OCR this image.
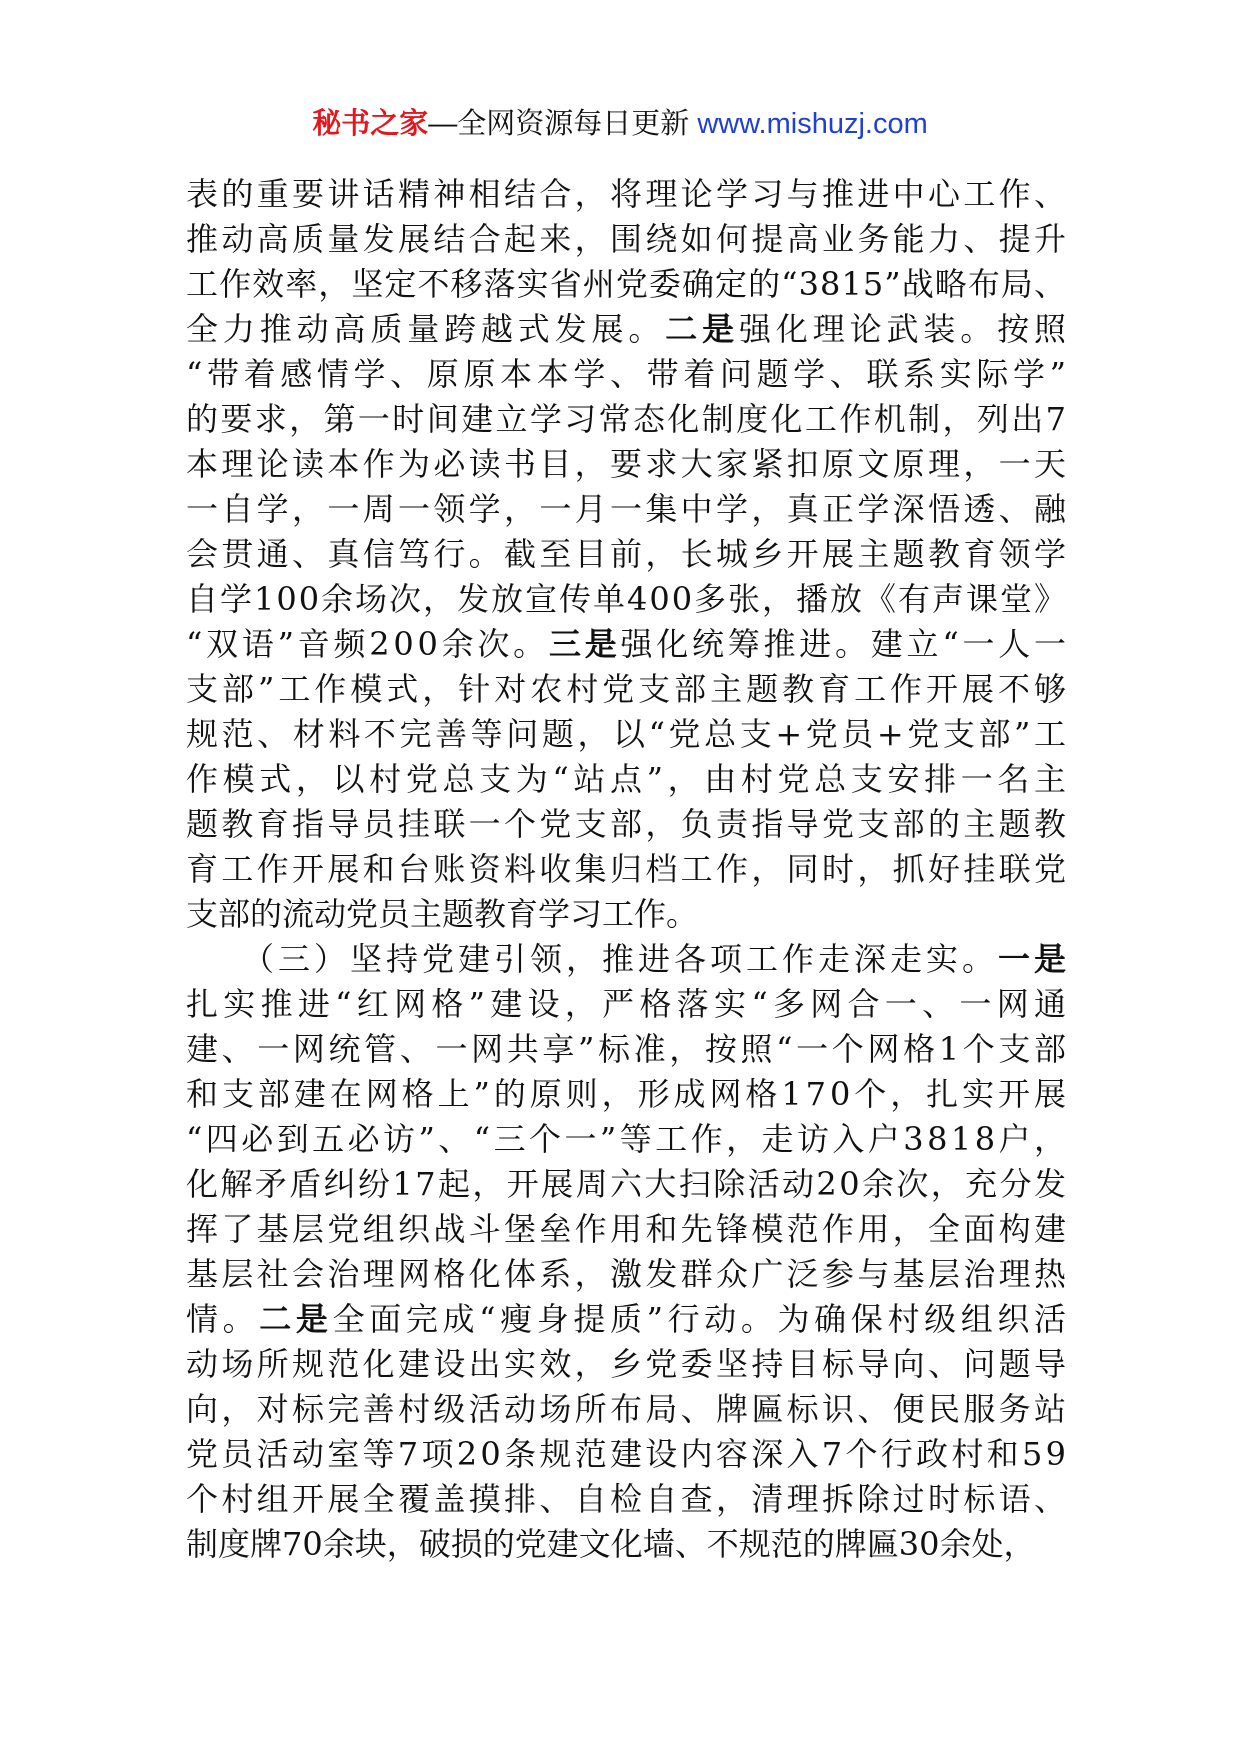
秘书之家—全网资源每日更新 www.mishuzj.com
表的重要讲话精神相结合，将理论学习与推进中心工作、
推动高质量发展结合起来，围绕如何提高业务能力、提升
工作效率，坚定不移落实省州党委确定的“3815”战略布局、
全力推动高质量跨越式发展。二是强化理论武装。按照
“带着感情学、原原本本学、带着问题学、联系实际学”
的要求，第一时间建立学习常态化制度化工作机制，列出7
本理论读本作为必读书目，要求大家紧扣原文原理，一天
一自学，一周一领学，一月一集中学，真正学深悟透、融
会贯通、真信笃行。截至目前，长城乡开展主题教育领学
自学100余场次，发放宣传单400多张，播放《有声课堂》
“双语”音频200余次。三是强化统筹推进。建立“一人一
支部”工作模式，针对农村党支部主题教育工作开展不够
规范、材料不完善等问题，以“党总支+党员+党支部”工
作模式，以村党总支为“站点”，由村党总支安排一名主
题教育指导员挂联一个党支部，负责指导党支部的主题教
育工作开展和台账资料收集归档工作，同时，抓好挂联党
支部的流动党员主题教育学习工作。
　　（三）坚持党建引领，推进各项工作走深走实。一是
扎实推进“红网格”建设，严格落实“多网合一、一网通
建、一网统管、一网共享”标准，按照“一个网格1个支部
和支部建在网格上”的原则，形成网格170个，扎实开展
“四必到五必访”、“三个一”等工作，走访入户3818户，
化解矛盾纠纷17起，开展周六大扫除活动20余次，充分发
挥了基层党组织战斗堡垒作用和先锋模范作用，全面构建
基层社会治理网格化体系，激发群众广泛参与基层治理热
情。二是全面完成“瘦身提质”行动。为确保村级组织活
动场所规范化建设出实效，乡党委坚持目标导向、问题导
向，对标完善村级活动场所布局、牌匾标识、便民服务站
党员活动室等7项20条规范建设内容深入7个行政村和59
个村组开展全覆盖摸排、自检自查，清理拆除过时标语、
制度牌70余块，破损的党建文化墙、不规范的牌匾30余处，
